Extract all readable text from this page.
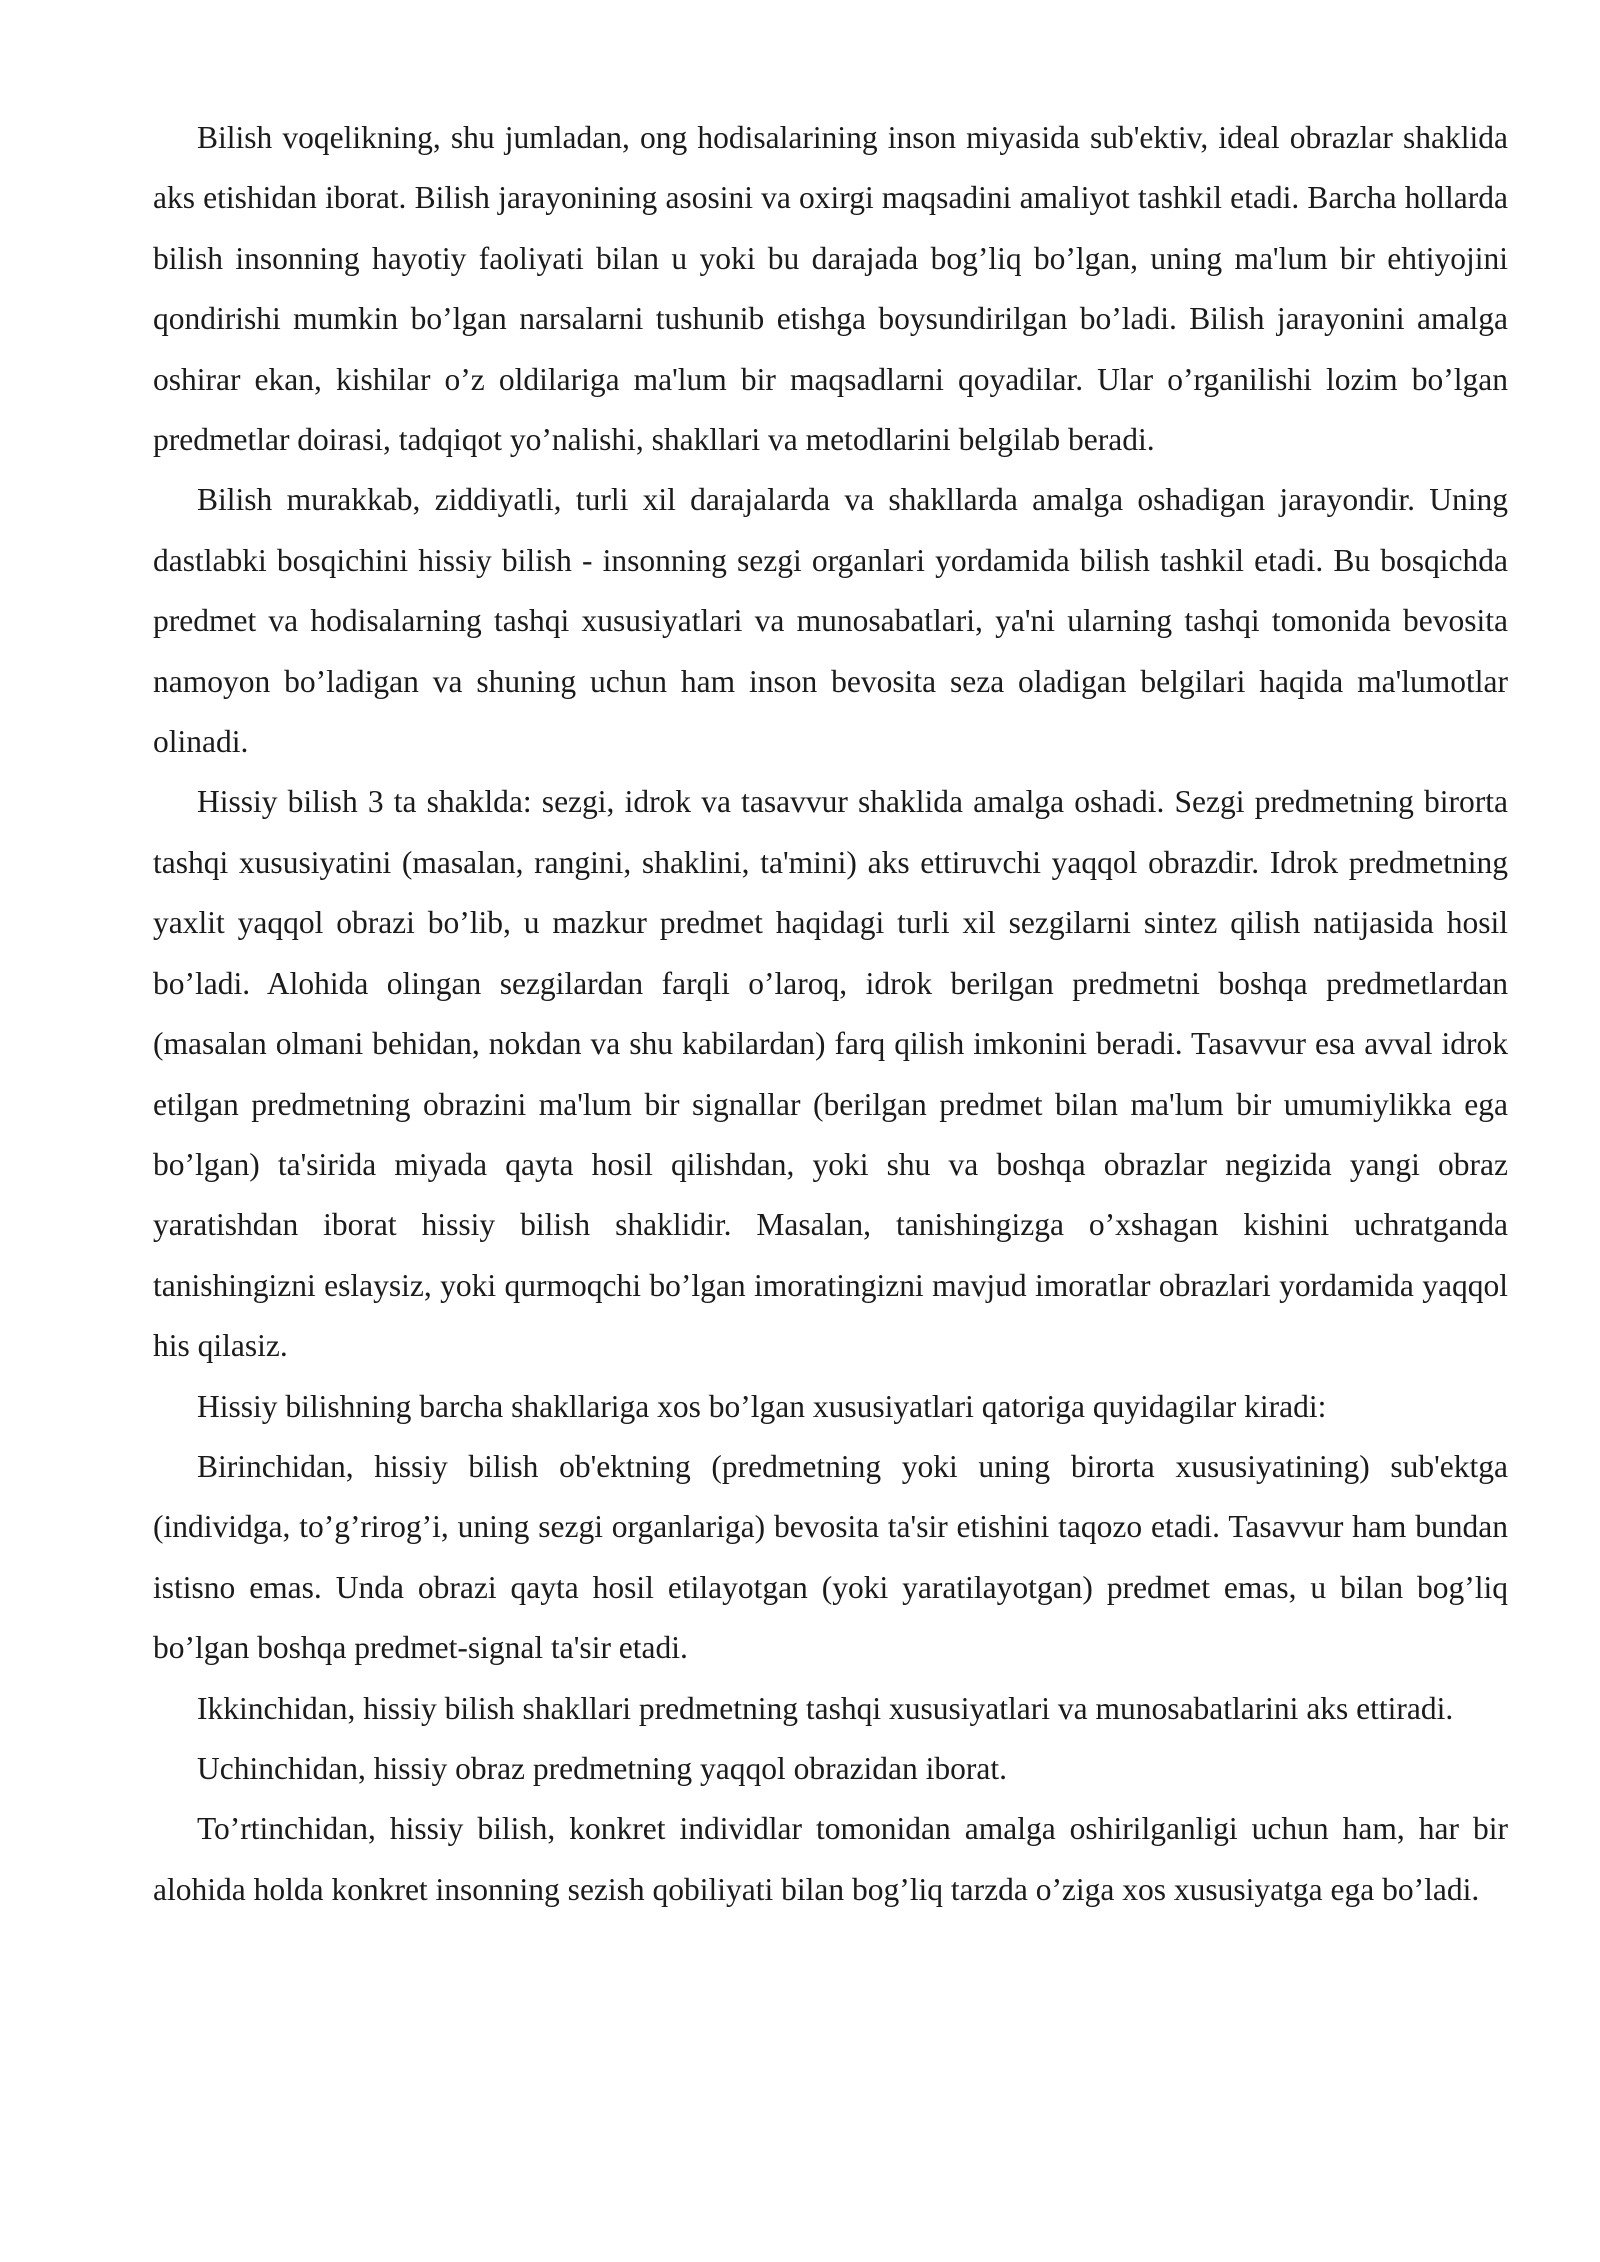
Bilish voqelikning, shu jumladan, ong hodisalarining inson miyasida sub'ektiv, ideal obrazlar shaklida aks etishidan iborat. Bilish jarayonining asosini va oxirgi maqsadini amaliyot tashkil etadi. Barcha hollarda bilish insonning hayotiy faoliyati bilan u yoki bu darajada bog’liq bo’lgan, uning ma'lum bir ehtiyojini qondirishi mumkin bo’lgan narsalarni tushunib etishga boysundirilgan bo’ladi. Bilish jarayonini amalga oshirar ekan, kishilar o’z oldilariga ma'lum bir maqsadlarni qoyadilar. Ular o’rganilishi lozim bo’lgan predmetlar doirasi, tadqiqot yo’nalishi, shakllari va metodlarini belgilab beradi.

Bilish murakkab, ziddiyatli, turli xil darajalarda va shakllarda amalga oshadigan jarayondir. Uning dastlabki bosqichini hissiy bilish - insonning sezgi organlari yordamida bilish tashkil etadi. Bu bosqichda predmet va hodisalarning tashqi xususiyatlari va munosabatlari, ya'ni ularning tashqi tomonida bevosita namoyon bo’ladigan va shuning uchun ham inson bevosita seza oladigan belgilari haqida ma'lumotlar olinadi.

Hissiy bilish 3 ta shaklda: sezgi, idrok va tasavvur shaklida amalga oshadi. Sezgi predmetning birorta tashqi xususiyatini (masalan, rangini, shaklini, ta'mini) aks ettiruvchi yaqqol obrazdir. Idrok predmetning yaxlit yaqqol obrazi bo’lib, u mazkur predmet haqidagi turli xil sezgilarni sintez qilish natijasida hosil bo’ladi. Alohida olingan sezgilardan farqli o’laroq, idrok berilgan predmetni boshqa predmetlardan (masalan olmani behidan, nokdan va shu kabilardan) farq qilish imkonini beradi. Tasavvur esa avval idrok etilgan predmetning obrazini ma'lum bir signallar (berilgan predmet bilan ma'lum bir umumiylikka ega bo’lgan) ta'sirida miyada qayta hosil qilishdan, yoki shu va boshqa obrazlar negizida yangi obraz yaratishdan iborat hissiy bilish shaklidir. Masalan, tanishingizga o’xshagan kishini uchratganda tanishingizni eslaysiz, yoki qurmoqchi bo’lgan imoratingizni mavjud imoratlar obrazlari yordamida yaqqol his qilasiz.

Hissiy bilishning barcha shakllariga xos bo’lgan xususiyatlari qatoriga quyidagilar kiradi:

Birinchidan, hissiy bilish ob'ektning (predmetning yoki uning birorta xususiyatining) sub'ektga (individga, to’g’rirog’i, uning sezgi organlariga) bevosita ta'sir etishini taqozo etadi. Tasavvur ham bundan istisno emas. Unda obrazi qayta hosil etilayotgan (yoki yaratilayotgan) predmet emas, u bilan bog’liq bo’lgan boshqa predmet-signal ta'sir etadi.

Ikkinchidan, hissiy bilish shakllari predmetning tashqi xususiyatlari va munosabatlarini aks ettiradi.

Uchinchidan, hissiy obraz predmetning yaqqol obrazidan iborat.

To’rtinchidan, hissiy bilish, konkret individlar tomonidan amalga oshirilganligi uchun ham, har bir alohida holda konkret insonning sezish qobiliyati bilan bog’liq tarzda o’ziga xos xususiyatga ega bo’ladi.
